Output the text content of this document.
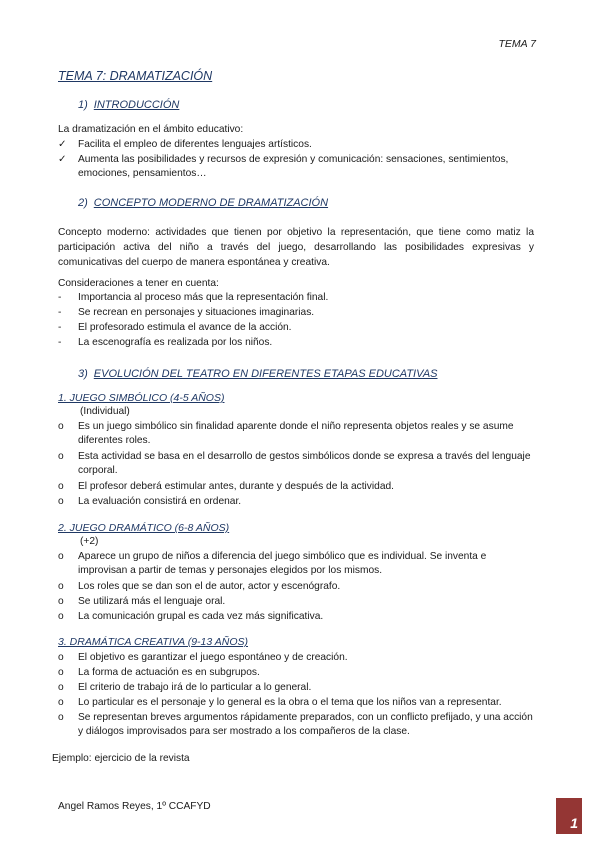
TEMA 7
TEMA 7: DRAMATIZACIÓN
1) INTRODUCCIÓN
La dramatización en el ámbito educativo:
✓	Facilita el empleo de diferentes lenguajes artísticos.
✓	Aumenta las posibilidades y recursos de expresión y comunicación: sensaciones, sentimientos, emociones, pensamientos…
2) CONCEPTO MODERNO DE DRAMATIZACIÓN
Concepto moderno: actividades que tienen por objetivo la representación, que tiene como matiz la participación activa del niño a través del juego, desarrollando las posibilidades expresivas y comunicativas del cuerpo de manera espontánea y creativa.
Consideraciones a tener en cuenta:
-	Importancia al proceso más que la representación final.
-	Se recrean en personajes y situaciones imaginarias.
-	El profesorado estimula el avance de la acción.
-	La escenografía es realizada por los niños.
3) EVOLUCIÓN DEL TEATRO EN DIFERENTES ETAPAS EDUCATIVAS
1. JUEGO SIMBÓLICO (4-5 AÑOS)
(Individual)
o	Es un juego simbólico sin finalidad aparente donde el niño representa objetos reales y se asume diferentes roles.
o	Esta actividad se basa en el desarrollo de gestos simbólicos donde se expresa a través del lenguaje corporal.
o	El profesor deberá estimular antes, durante y después de la actividad.
o	La evaluación consistirá en ordenar.
2. JUEGO DRAMÁTICO (6-8 AÑOS)
(+2)
o	Aparece un grupo de niños a diferencia del juego simbólico que es individual. Se inventa e improvisan a partir de temas y personajes elegidos por los mismos.
o	Los roles que se dan son el de autor, actor y escenógrafo.
o	Se utilizará más el lenguaje oral.
o	La comunicación grupal es cada vez más significativa.
3. DRAMÁTICA CREATIVA (9-13 AÑOS)
o	El objetivo es garantizar el juego espontáneo y de creación.
o	La forma de actuación es en subgrupos.
o	El criterio de trabajo irá de lo particular a lo general.
o	Lo particular es el personaje y lo general es la obra o el tema que los niños van a representar.
o	Se representan breves argumentos rápidamente preparados, con un conflicto prefijado, y una acción y diálogos improvisados para ser mostrado a los compañeros de la clase.
Ejemplo: ejercicio de la revista
Angel Ramos Reyes, 1º CCAFYD
1
